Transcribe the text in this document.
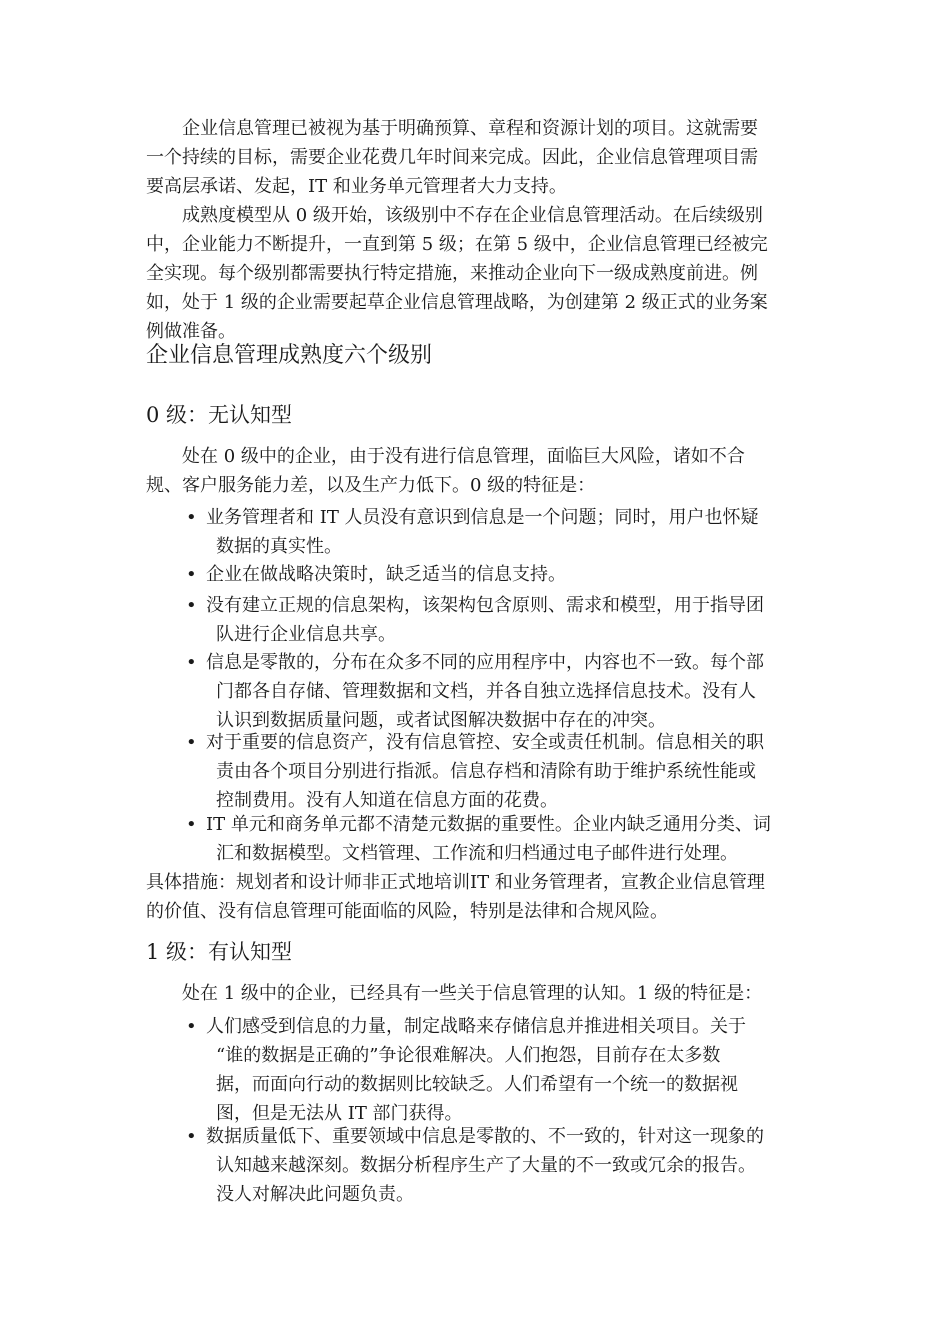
企业信息管理已被视为基于明确预算、章程和资源计划的项目。这就需要
一个持续的目标，需要企业花费几年时间来完成。因此，企业信息管理项目需
要高层承诺、发起，IT 和业务单元管理者大力支持。

成熟度模型从 0 级开始，该级别中不存在企业信息管理活动。在后续级别
中，企业能力不断提升，一直到第 5 级；在第 5 级中，企业信息管理已经被完
全实现。每个级别都需要执行特定措施，来推动企业向下一级成熟度前进。例
如，处于 1 级的企业需要起草企业信息管理战略，为创建第 2 级正式的业务案
例做准备。

企业信息管理成熟度六个级别
0 级：无认知型

处在 0 级中的企业，由于没有进行信息管理，面临巨大风险，诸如不合
规、客户服务能力差，以及生产力低下。0 级的特征是：

• 业务管理者和 IT 人员没有意识到信息是一个问题；同时，用户也怀疑
数据的真实性。
• 企业在做战略决策时，缺乏适当的信息支持。
• 没有建立正规的信息架构，该架构包含原则、需求和模型，用于指导团
队进行企业信息共享。
• 信息是零散的，分布在众多不同的应用程序中，内容也不一致。每个部
门都各自存储、管理数据和文档，并各自独立选择信息技术。没有人
认识到数据质量问题，或者试图解决数据中存在的冲突。
• 对于重要的信息资产，没有信息管控、安全或责任机制。信息相关的职
责由各个项目分别进行指派。信息存档和清除有助于维护系统性能或
控制费用。没有人知道在信息方面的花费。
• IT 单元和商务单元都不清楚元数据的重要性。企业内缺乏通用分类、词
汇和数据模型。文档管理、工作流和归档通过电子邮件进行处理。

具体措施：规划者和设计师非正式地培训IT 和业务管理者，宣教企业信息管理
的价值、没有信息管理可能面临的风险，特别是法律和合规风险。

1 级：有认知型

处在 1 级中的企业，已经具有一些关于信息管理的认知。1 级的特征是：

• 人们感受到信息的力量，制定战略来存储信息并推进相关项目。关于
“谁的数据是正确的”争论很难解决。人们抱怨，目前存在太多数
据，而面向行动的数据则比较缺乏。人们希望有一个统一的数据视
图，但是无法从 IT 部门获得。
• 数据质量低下、重要领域中信息是零散的、不一致的，针对这一现象的
认知越来越深刻。数据分析程序生产了大量的不一致或冗余的报告。
没人对解决此问题负责。
